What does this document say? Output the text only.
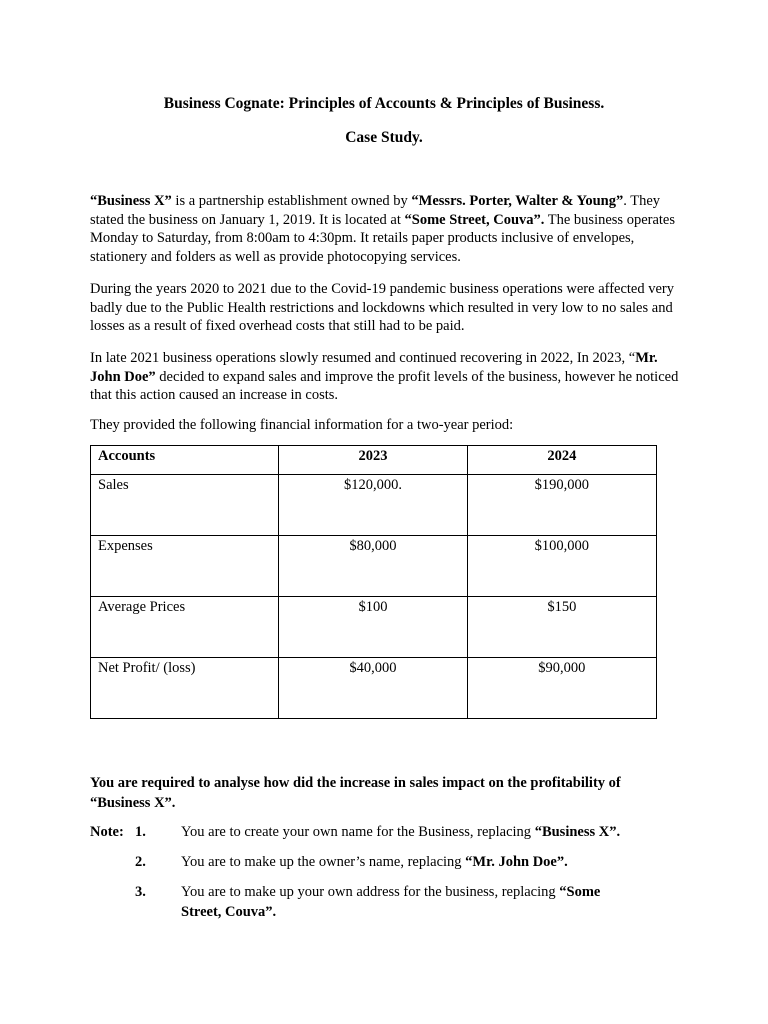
Business Cognate: Principles of Accounts & Principles of Business.
Case Study.

“Business X” is a partnership establishment owned by “Messrs. Porter, Walter & Young”. They stated the business on January 1, 2019. It is located at “Some Street, Couva”. The business operates Monday to Saturday, from 8:00am to 4:30pm. It retails paper products inclusive of envelopes, stationery and folders as well as provide photocopying services.

During the years 2020 to 2021 due to the Covid-19 pandemic business operations were affected very badly due to the Public Health restrictions and lockdowns which resulted in very low to no sales and losses as a result of fixed overhead costs that still had to be paid.

In late 2021 business operations slowly resumed and continued recovering in 2022, In 2023, “Mr. John Doe” decided to expand sales and improve the profit levels of the business, however he noticed that this action caused an increase in costs.

They provided the following financial information for a two-year period:

Accounts	2023	2024
Sales	$120,000.	$190,000
Expenses	$80,000	$100,000
Average Prices	$100	$150
Net Profit/ (loss)	$40,000	$90,000
You are required to analyse how did the increase in sales impact on the profitability of “Business X”.
Note: 1. You are to create your own name for the Business, replacing “Business X”.
2. You are to make up the owner’s name, replacing “Mr. John Doe”.
3. You are to make up your own address for the business, replacing “Some Street, Couva”.
